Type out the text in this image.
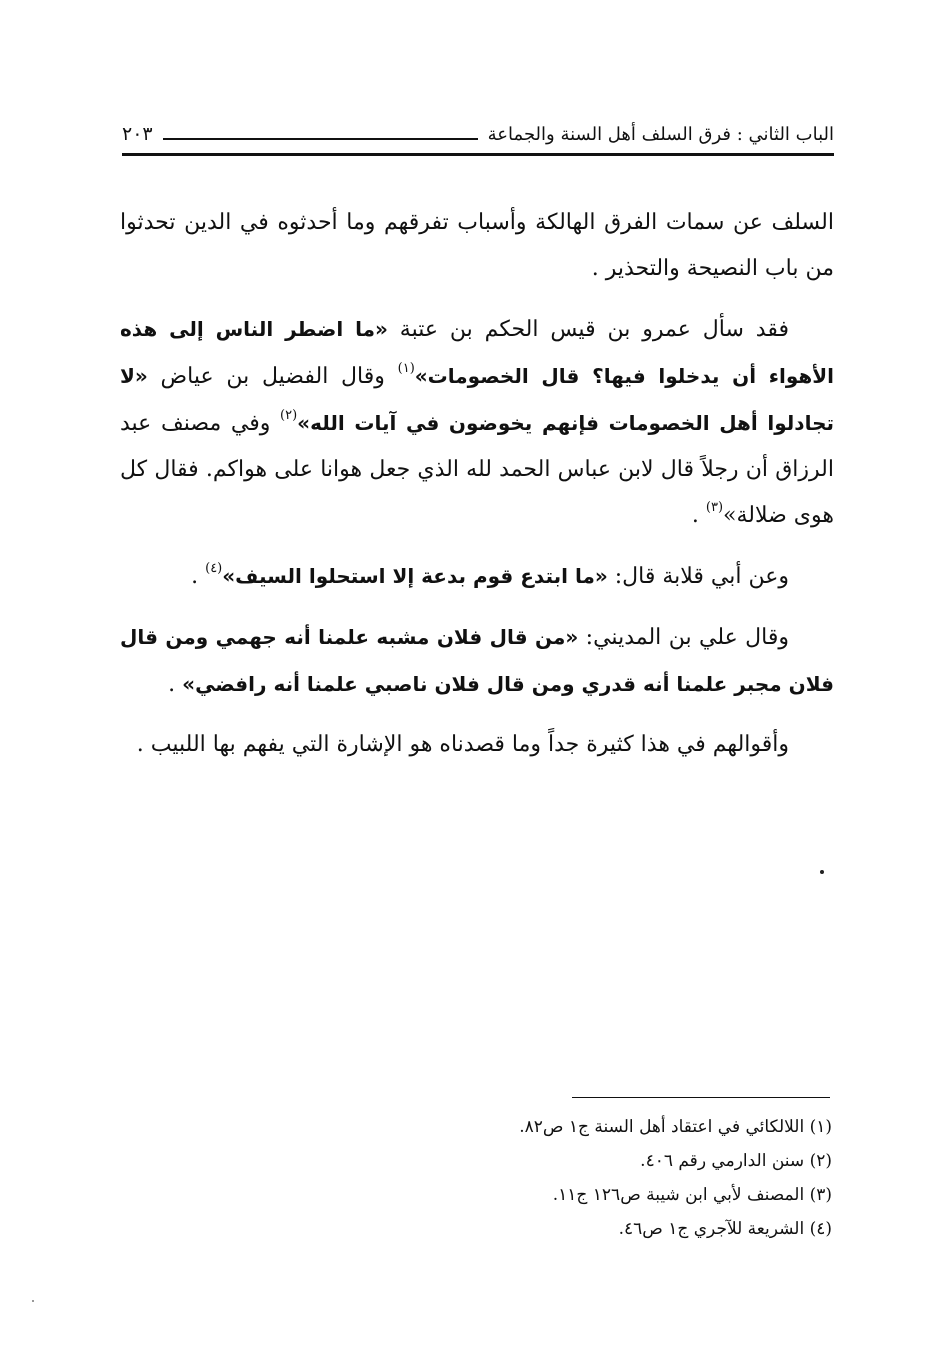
الباب الثاني : فرق السلف أهل السنة والجماعة
٢٠٣

السلف عن سمات الفرق الهالكة وأسباب تفرقهم وما أحدثوه في الدين تحدثوا من باب النصيحة والتحذير .

فقد سأل عمرو بن قيس الحكم بن عتبة «ما اضطر الناس إلى هذه الأهواء أن يدخلوا فيها؟ قال الخصومات»$^{(١)}$ وقال الفضيل بن عياض «لا تجادلوا أهل الخصومات فإنهم يخوضون في آيات الله»$^{(٢)}$ وفي مصنف عبد الرزاق أن رجلاً قال لابن عباس الحمد لله الذي جعل هوانا على هواكم. فقال كل هوى ضلالة»$^{(٣)}$ .

وعن أبي قلابة قال: «ما ابتدع قوم بدعة إلا استحلوا السيف»$^{(٤)}$ .

وقال علي بن المديني: «من قال فلان مشبه علمنا أنه جهمي ومن قال فلان مجبر علمنا أنه قدري ومن قال فلان ناصبي علمنا أنه رافضي» .

وأقوالهم في هذا كثيرة جداً وما قصدناه هو الإشارة التي يفهم بها اللبيب .

(١) اللالكائي في اعتقاد أهل السنة ج١ ص٨٢.
(٢) سنن الدارمي رقم ٤٠٦.
(٣) المصنف لأبي ابن شيبة ص١٢٦ ج١١.
(٤) الشريعة للآجري ج١ ص٤٦.
